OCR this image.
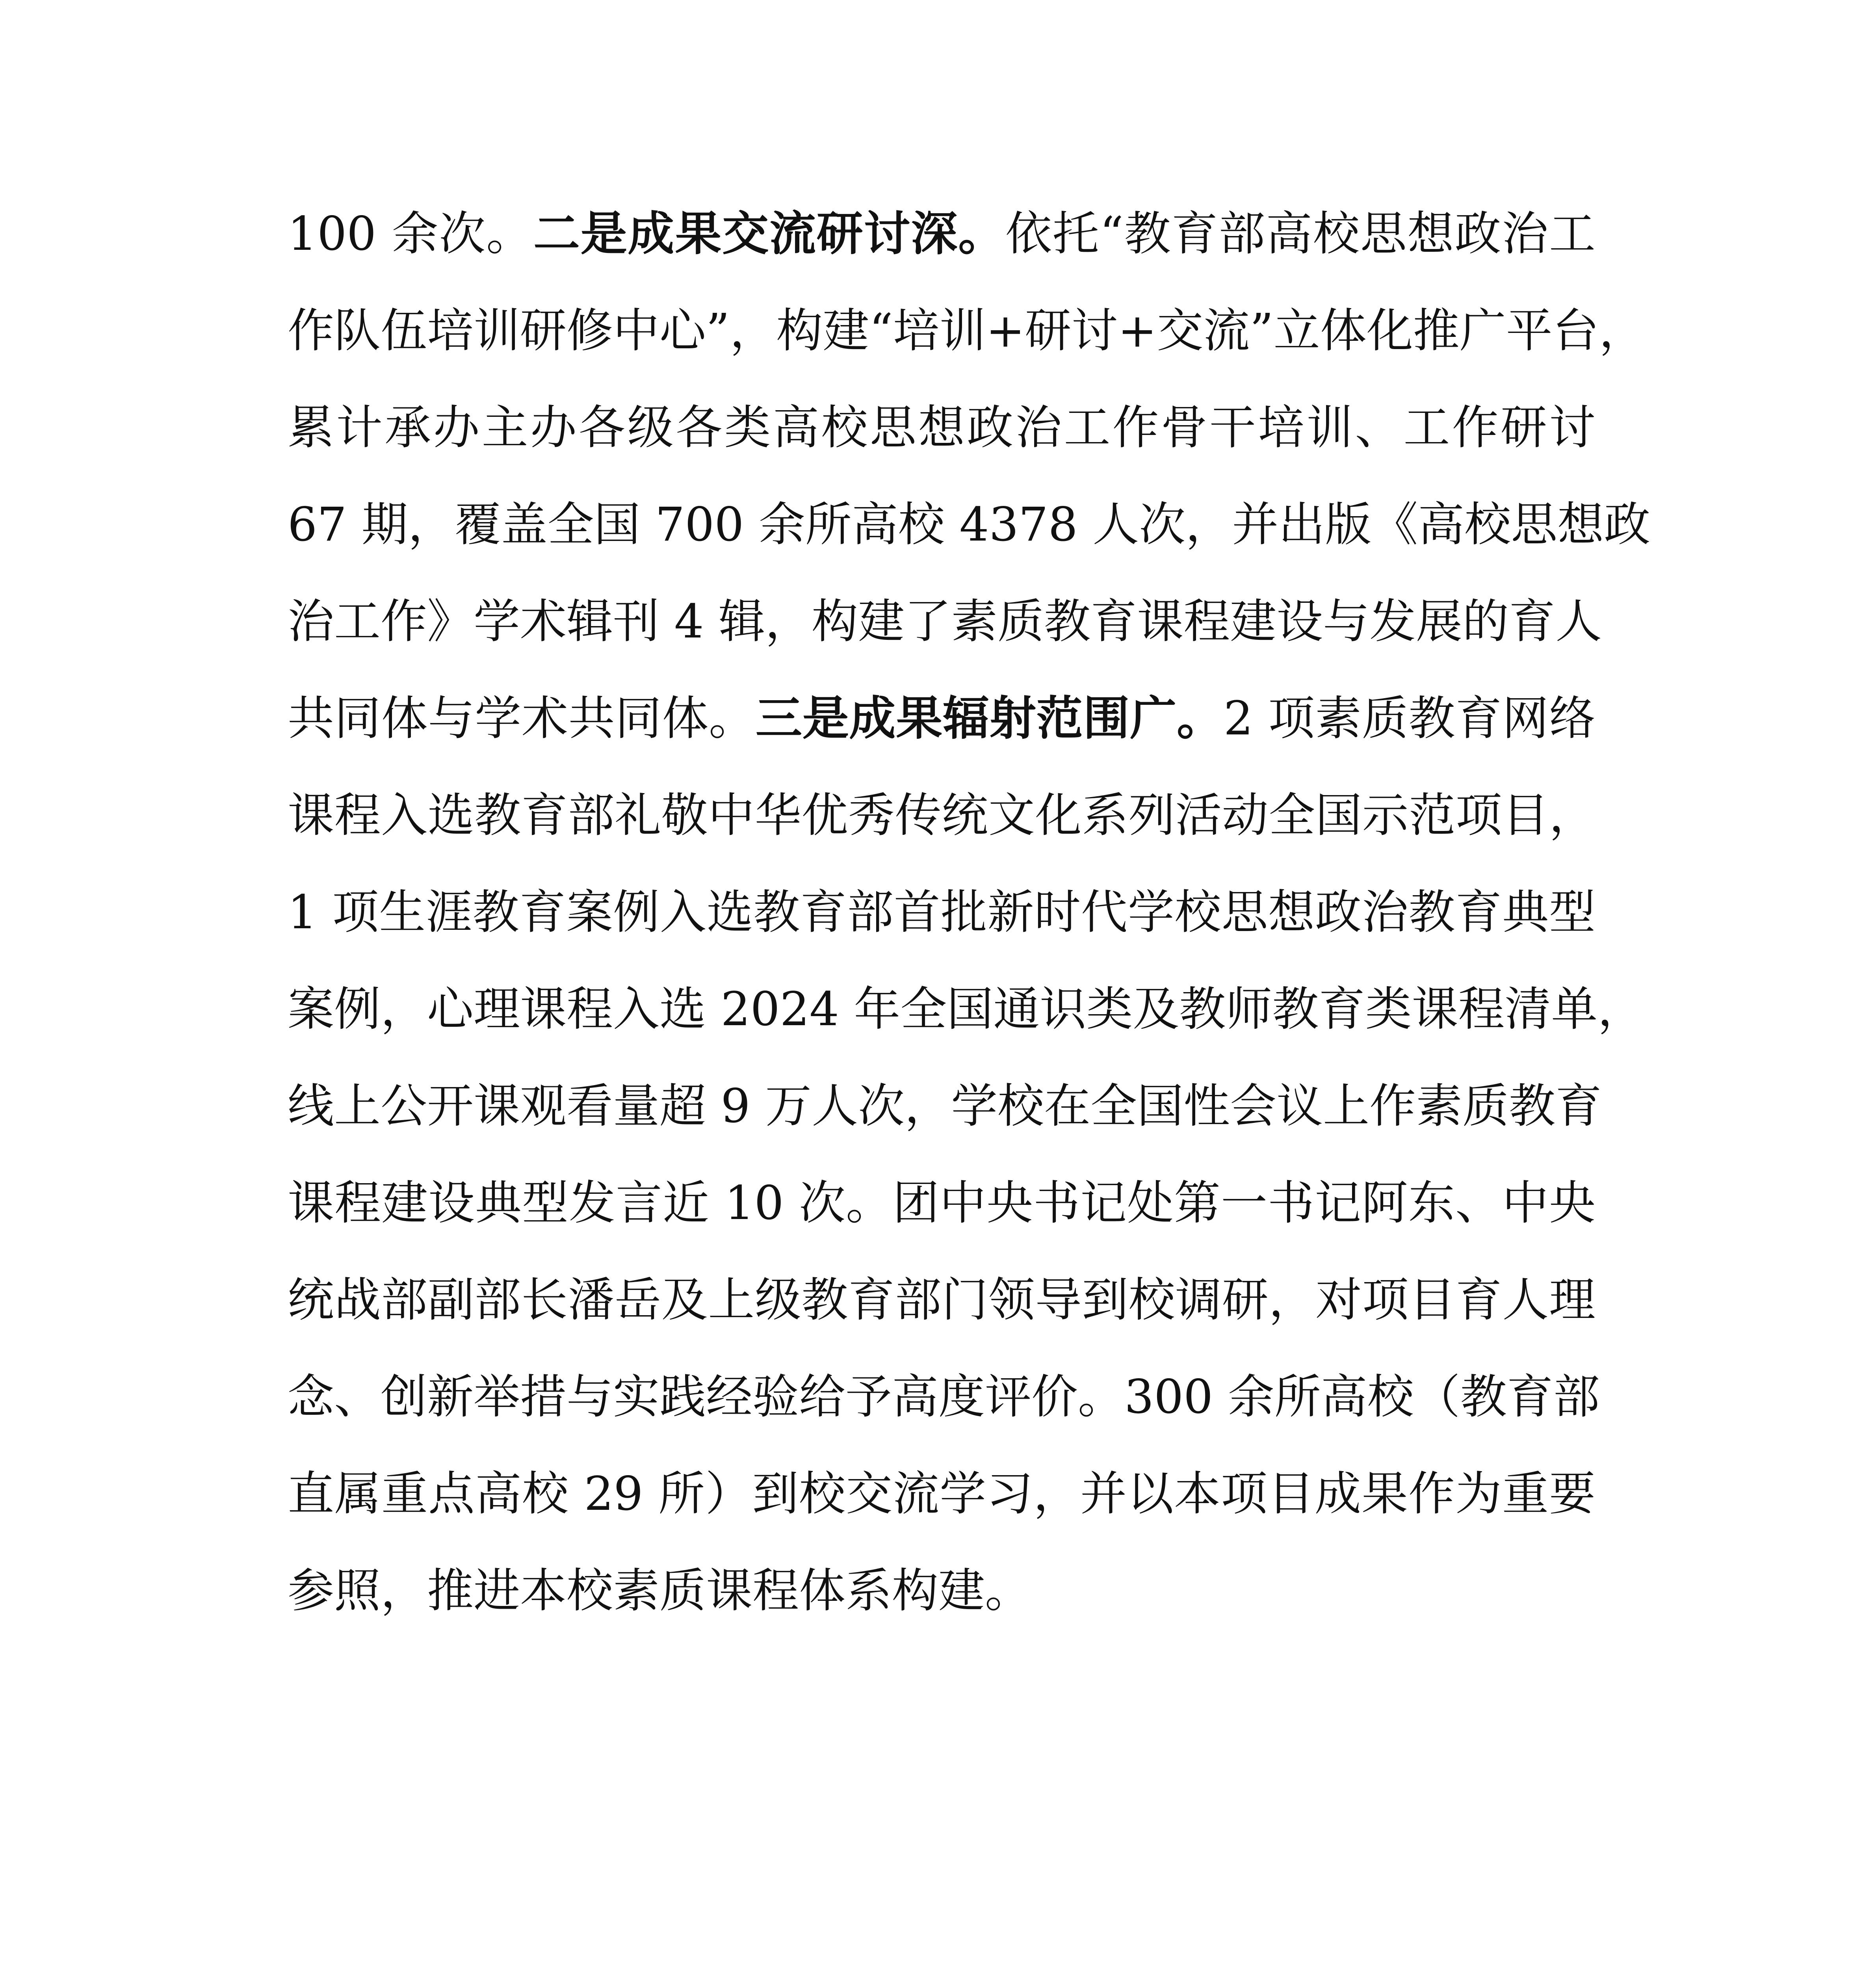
100 余次。二是成果交流研讨深。依托“教育部高校思想政治工
作队伍培训研修中心”，构建“培训+研讨+交流”立体化推广平台，
累计承办主办各级各类高校思想政治工作骨干培训、工作研讨
67 期，覆盖全国 700 余所高校 4378 人次，并出版《高校思想政
治工作》学术辑刊 4 辑，构建了素质教育课程建设与发展的育人
共同体与学术共同体。三是成果辐射范围广。2 项素质教育网络
课程入选教育部礼敬中华优秀传统文化系列活动全国示范项目，
1 项生涯教育案例入选教育部首批新时代学校思想政治教育典型
案例，心理课程入选 2024 年全国通识类及教师教育类课程清单，
线上公开课观看量超 9 万人次，学校在全国性会议上作素质教育
课程建设典型发言近 10 次。团中央书记处第一书记阿东、中央
统战部副部长潘岳及上级教育部门领导到校调研，对项目育人理
念、创新举措与实践经验给予高度评价。300 余所高校（教育部
直属重点高校 29 所）到校交流学习，并以本项目成果作为重要
参照，推进本校素质课程体系构建。
